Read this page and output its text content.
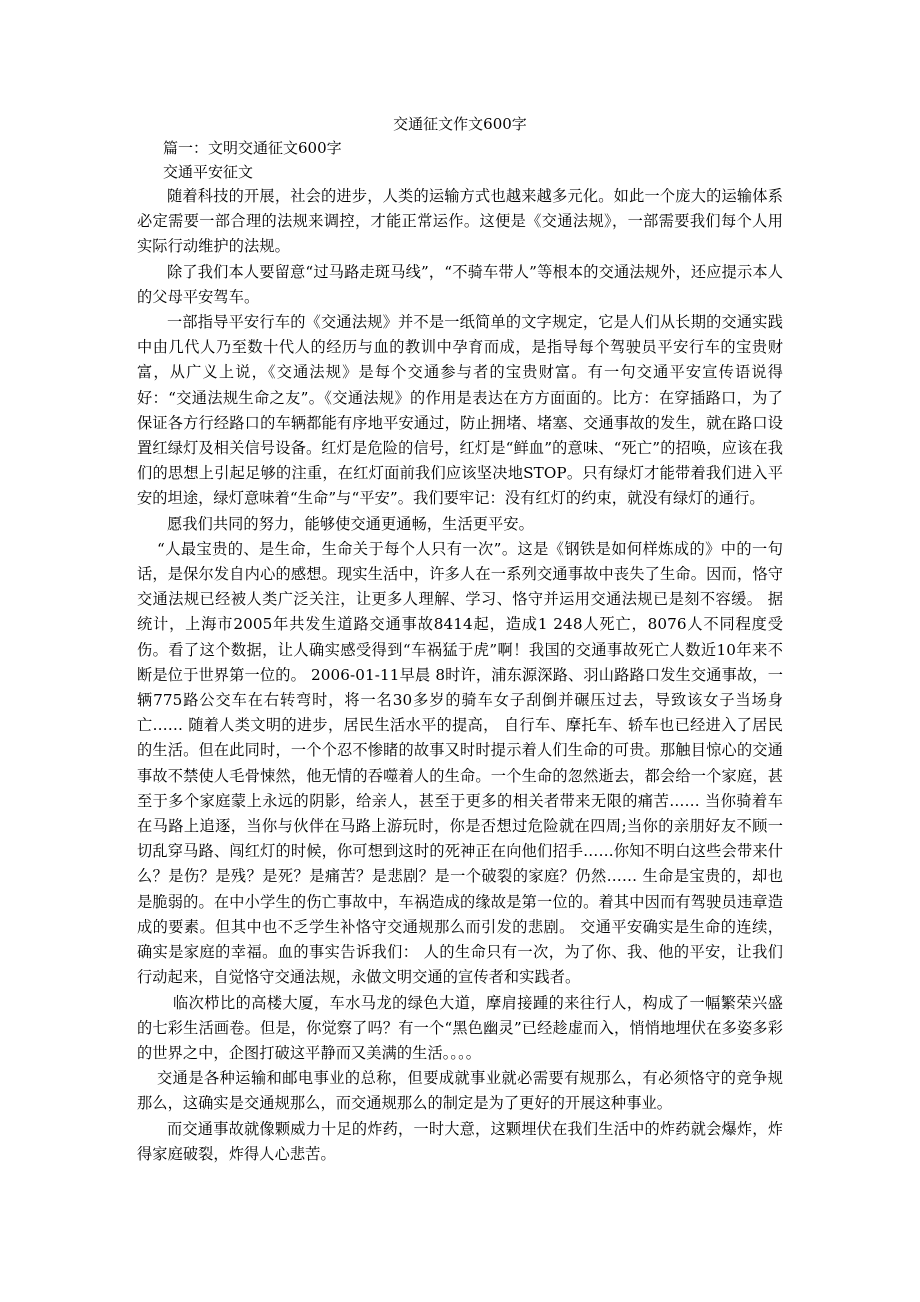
交通征文作文600字

篇一：文明交通征文600字

交通平安征文

随着科技的开展，社会的进步，人类的运输方式也越来越多元化。如此一个庞大的运输体系必定需要一部合理的法规来调控，才能正常运作。这便是《交通法规》，一部需要我们每个人用实际行动维护的法规。

除了我们本人要留意“过马路走斑马线”，“不骑车带人”等根本的交通法规外，还应提示本人的父母平安驾车。

一部指导平安行车的《交通法规》并不是一纸简单的文字规定，它是人们从长期的交通实践中由几代人乃至数十代人的经历与血的教训中孕育而成，是指导每个驾驶员平安行车的宝贵财富，从广义上说，《交通法规》是每个交通参与者的宝贵财富。有一句交通平安宣传语说得好：“交通法规生命之友”。《交通法规》的作用是表达在方方面面的。比方：在穿插路口，为了保证各方行经路口的车辆都能有序地平安通过，防止拥堵、堵塞、交通事故的发生，就在路口设置红绿灯及相关信号设备。红灯是危险的信号，红灯是“鲜血”的意味、“死亡”的招唤，应该在我们的思想上引起足够的注重，在红灯面前我们应该坚决地STOP。只有绿灯才能带着我们进入平安的坦途，绿灯意味着“生命”与“平安”。我们要牢记：没有红灯的约束，就没有绿灯的通行。

愿我们共同的努力，能够使交通更通畅，生活更平安。

“人最宝贵的、是生命，生命关于每个人只有一次”。这是《钢铁是如何样炼成的》中的一句话，是保尔发自内心的感想。现实生活中，许多人在一系列交通事故中丧失了生命。因而，恪守交通法规已经被人类广泛关注，让更多人理解、学习、恪守并运用交通法规已是刻不容缓。 据统计，上海市2005年共发生道路交通事故8414起，造成1 248人死亡，8076人不同程度受伤。看了这个数据，让人确实感受得到“车祸猛于虎”啊！我国的交通事故死亡人数近10年来不断是位于世界第一位的。 2006-01-11早晨 8时许，浦东源深路、羽山路路口发生交通事故，一辆775路公交车在右转弯时，将一名30多岁的骑车女子刮倒并碾压过去，导致该女子当场身亡…… 随着人类文明的进步，居民生活水平的提高， 自行车、摩托车、轿车也已经进入了居民的生活。但在此同时，一个个忍不惨睹的故事又时时提示着人们生命的可贵。那触目惊心的交通事故不禁使人毛骨悚然，他无情的吞噬着人的生命。一个生命的忽然逝去，都会给一个家庭，甚至于多个家庭蒙上永远的阴影，给亲人，甚至于更多的相关者带来无限的痛苦…… 当你骑着车在马路上追逐，当你与伙伴在马路上游玩时，你是否想过危险就在四周;当你的亲朋好友不顾一切乱穿马路、闯红灯的时候，你可想到这时的死神正在向他们招手……你知不明白这些会带来什么？是伤？是残？是死？是痛苦？是悲剧？是一个破裂的家庭？仍然…… 生命是宝贵的，却也是脆弱的。在中小学生的伤亡事故中，车祸造成的缘故是第一位的。着其中因而有驾驶员违章造成的要素。但其中也不乏学生补恪守交通规那么而引发的悲剧。 交通平安确实是生命的连续，确实是家庭的幸福。血的事实告诉我们： 人的生命只有一次，为了你、我、他的平安，让我们行动起来，自觉恪守交通法规，永做文明交通的宣传者和实践者。

临次栉比的高楼大厦，车水马龙的绿色大道，摩肩接踵的来往行人，构成了一幅繁荣兴盛的七彩生活画卷。但是，你觉察了吗？有一个“黑色幽灵”已经趁虚而入，悄悄地埋伏在多姿多彩的世界之中，企图打破这平静而又美满的生活。。。。

交通是各种运输和邮电事业的总称，但要成就事业就必需要有规那么，有必须恪守的竞争规那么，这确实是交通规那么，而交通规那么的制定是为了更好的开展这种事业。

而交通事故就像颗威力十足的炸药，一时大意，这颗埋伏在我们生活中的炸药就会爆炸，炸得家庭破裂，炸得人心悲苦。
